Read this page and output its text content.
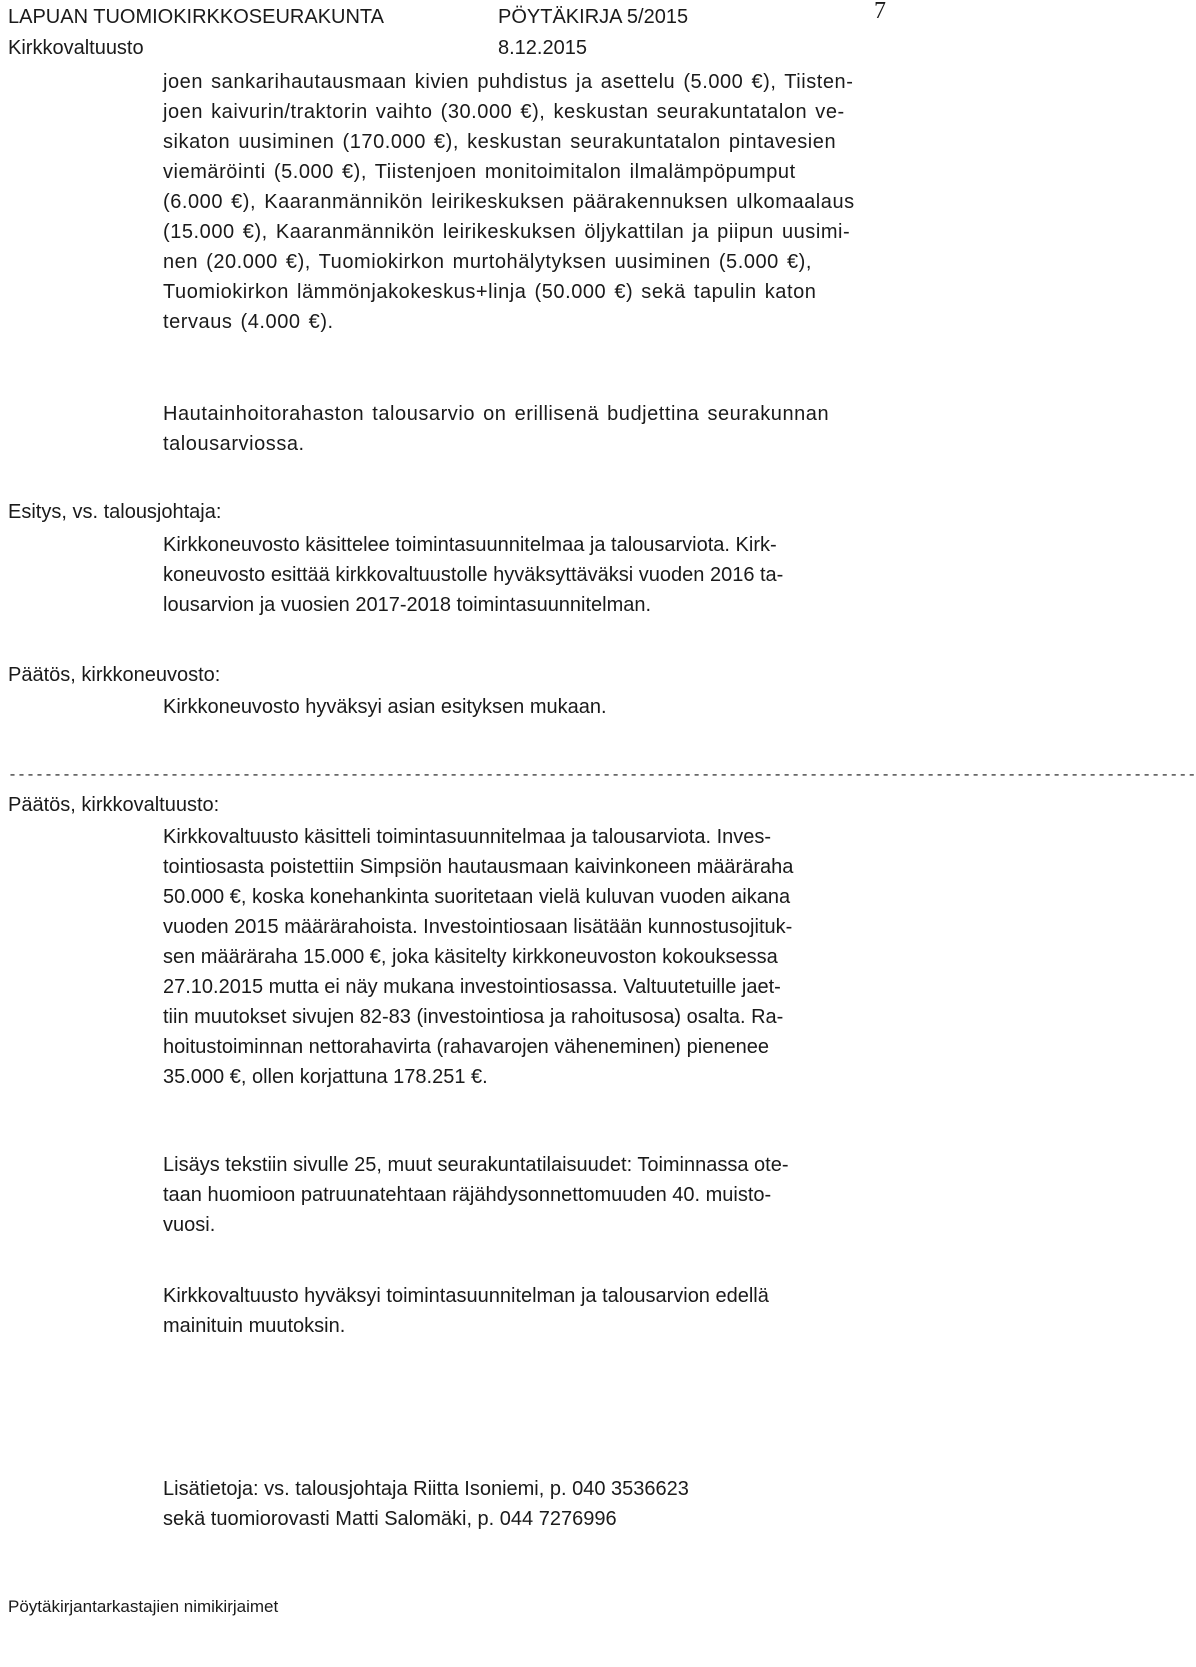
LAPUAN TUOMIOKIRKKOSEURAKUNTA	PÖYTÄKIRJA 5/2015	7
Kirkkovaltuusto	8.12.2015
joen sankarihautausmaan kivien puhdistus ja asettelu (5.000 €), Tiisten-
joen kaivurin/traktorin vaihto (30.000 €), keskustan seurakuntatalon ve-
sikaton uusiminen (170.000 €), keskustan seurakuntatalon pintavesien
viemäröinti (5.000 €), Tiistenjoen monitoimitalon ilmalämpöpumput
(6.000 €), Kaaranmännikön leirikeskuksen päärakennuksen ulkomaalaus
(15.000 €), Kaaranmännikön leirikeskuksen öljykattilan ja piipun uusimi-
nen (20.000 €), Tuomiokirkon murtohälytyksen uusiminen (5.000 €),
Tuomiokirkon lämmönjakokeskus+linja (50.000 €) sekä tapulin katon
tervaus (4.000 €).
Hautainhoitorahaston talousarvio on erillisenä budjettina seurakunnan
talousarviossa.
Esitys, vs. talousjohtaja:
Kirkkoneuvosto käsittelee toimintasuunnitelmaa ja talousarviota. Kirk-
koneuvosto esittää kirkkovaltuustolle hyväksyttäväksi vuoden 2016 ta-
lousarvion ja vuosien 2017-2018 toimintasuunnitelman.
Päätös, kirkkoneuvosto:
Kirkkoneuvosto hyväksyi asian esityksen mukaan.
------------------------------------------------------------------------------------------------------------------------------------
Päätös, kirkkovaltuusto:
Kirkkovaltuusto käsitteli toimintasuunnitelmaa ja talousarviota. Inves-
tointiosasta poistettiin Simpsiön hautausmaan kaivinkoneen määräraha
50.000 €, koska konehankinta suoritetaan vielä kuluvan vuoden aikana
vuoden 2015 määrärahoista. Investointiosaan lisätään kunnostusojituk-
sen määräraha 15.000 €, joka käsitelty kirkkoneuvoston kokouksessa
27.10.2015 mutta ei näy mukana investointiosassa. Valtuutetuille jaet-
tiin muutokset sivujen 82-83 (investointiosa ja rahoitusosa) osalta. Ra-
hoitustoiminnan nettorahavirta (rahavarojen väheneminen) pienenee
35.000 €, ollen korjattuna 178.251 €.
Lisäys tekstiin sivulle 25, muut seurakuntatilaisuudet: Toiminnassa ote-
taan huomioon patruunatehtaan räjähdysonnettomuuden 40. muisto-
vuosi.
Kirkkovaltuusto hyväksyi toimintasuunnitelman ja talousarvion edellä
mainituin muutoksin.
Lisätietoja: vs. talousjohtaja Riitta Isoniemi, p. 040 3536623
sekä tuomiorovasti Matti Salomäki, p. 044 7276996
Pöytäkirjantarkastajien nimikirjaimet
